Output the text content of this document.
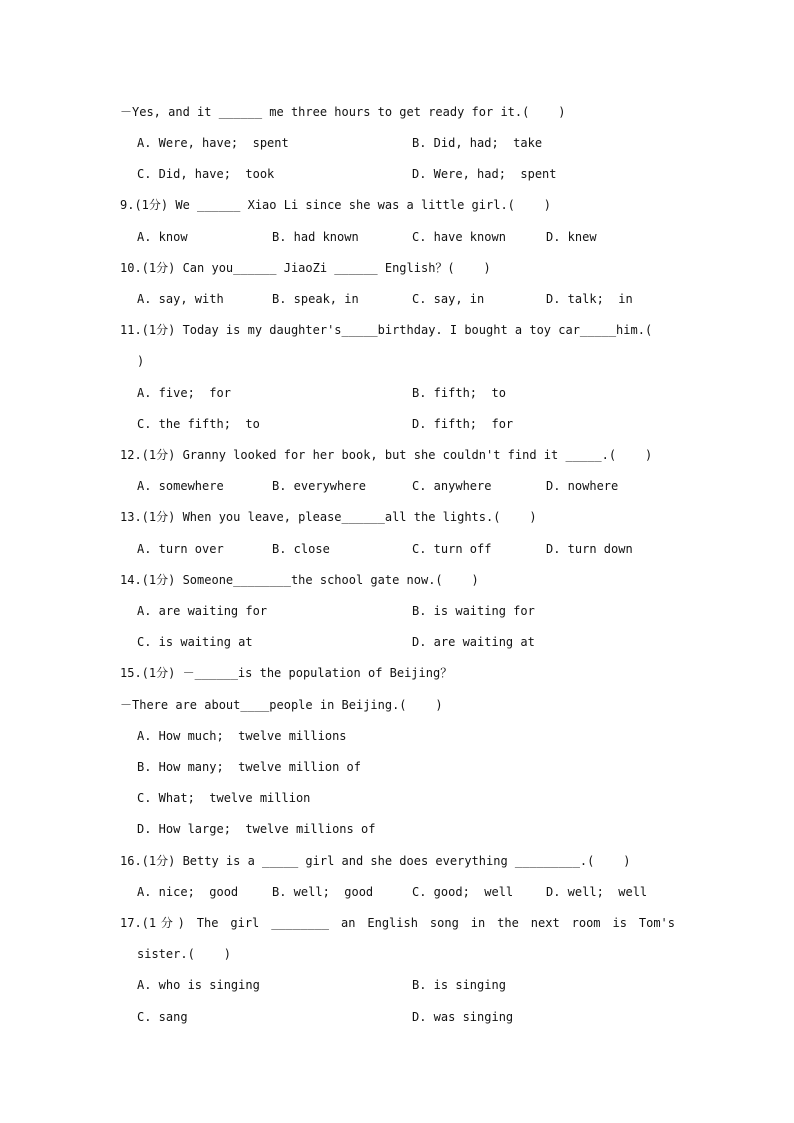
－Yes, and it ______ me three hours to get ready for it.(    )
A. Were, have;  spent	B. Did, had;  take
C. Did, have;  took	D. Were, had;  spent
9.(1分) We ______ Xiao Li since she was a little girl.(    )
A. know	B. had known	C. have known	D. knew
10.(1分) Can you______ JiaoZi ______ English？(    )
A. say, with	B. speak, in	C. say, in	D. talk;  in
11.(1分) Today is my daughter's_____birthday. I bought a toy car_____him.(
)
A. five;  for	B. fifth;  to
C. the fifth;  to	D. fifth;  for
12.(1分) Granny looked for her book, but she couldn't find it _____.(    )
A. somewhere	B. everywhere	C. anywhere	D. nowhere
13.(1分) When you leave, please______all the lights.(    )
A. turn over	B. close	C. turn off	D. turn down
14.(1分) Someone________the school gate now.(    )
A. are waiting for	B. is waiting for
C. is waiting at	D. are waiting at
15.(1分) －______is the population of Beijing？
－There are about____people in Beijing.(    )
A. How much;  twelve millions
B. How many;  twelve million of
C. What;  twelve million
D. How large;  twelve millions of
16.(1分) Betty is a _____ girl and she does everything _________.(    )
A. nice;  good	B. well;  good	C. good;  well	D. well;  well
17.(1分) The girl ________ an English song in the next room is Tom's
sister.(    )
A. who is singing	B. is singing
C. sang	D. was singing
